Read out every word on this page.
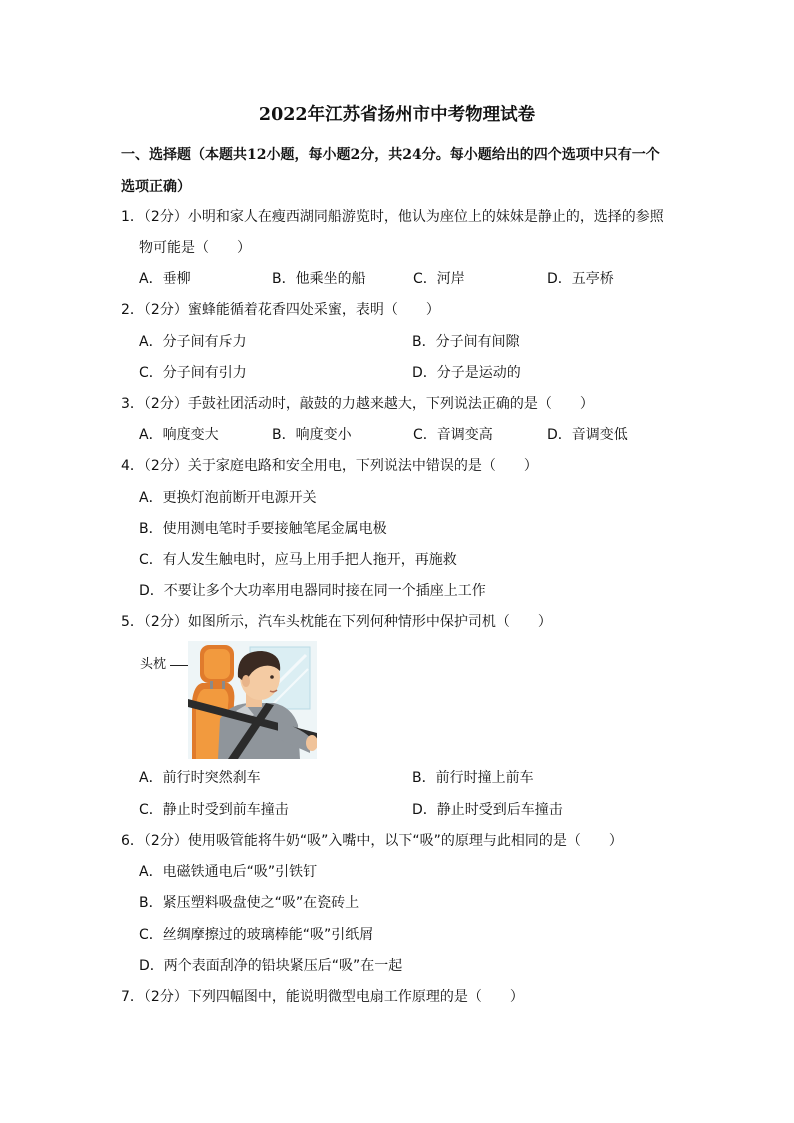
2022年江苏省扬州市中考物理试卷
一、选择题（本题共12小题，每小题2分，共24分。每小题给出的四个选项中只有一个
选项正确）
1．（2分）小明和家人在瘦西湖同船游览时，他认为座位上的妹妹是静止的，选择的参照
物可能是（　　）
A．垂柳	B．他乘坐的船	C．河岸	D．五亭桥
2．（2分）蜜蜂能循着花香四处采蜜，表明（　　）
A．分子间有斥力	B．分子间有间隙
C．分子间有引力	D．分子是运动的
3．（2分）手鼓社团活动时，敲鼓的力越来越大，下列说法正确的是（　　）
A．响度变大	B．响度变小	C．音调变高	D．音调变低
4．（2分）关于家庭电路和安全用电，下列说法中错误的是（　　）
A．更换灯泡前断开电源开关
B．使用测电笔时手要接触笔尾金属电极
C．有人发生触电时，应马上用手把人拖开，再施救
D．不要让多个大功率用电器同时接在同一个插座上工作
5．（2分）如图所示，汽车头枕能在下列何种情形中保护司机（　　）
头枕
A．前行时突然刹车	B．前行时撞上前车
C．静止时受到前车撞击	D．静止时受到后车撞击
6．（2分）使用吸管能将牛奶“吸”入嘴中，以下“吸”的原理与此相同的是（　　）
A．电磁铁通电后“吸”引铁钉
B．紧压塑料吸盘使之“吸”在瓷砖上
C．丝绸摩擦过的玻璃棒能“吸”引纸屑
D．两个表面刮净的铅块紧压后“吸”在一起
7．（2分）下列四幅图中，能说明微型电扇工作原理的是（　　）
